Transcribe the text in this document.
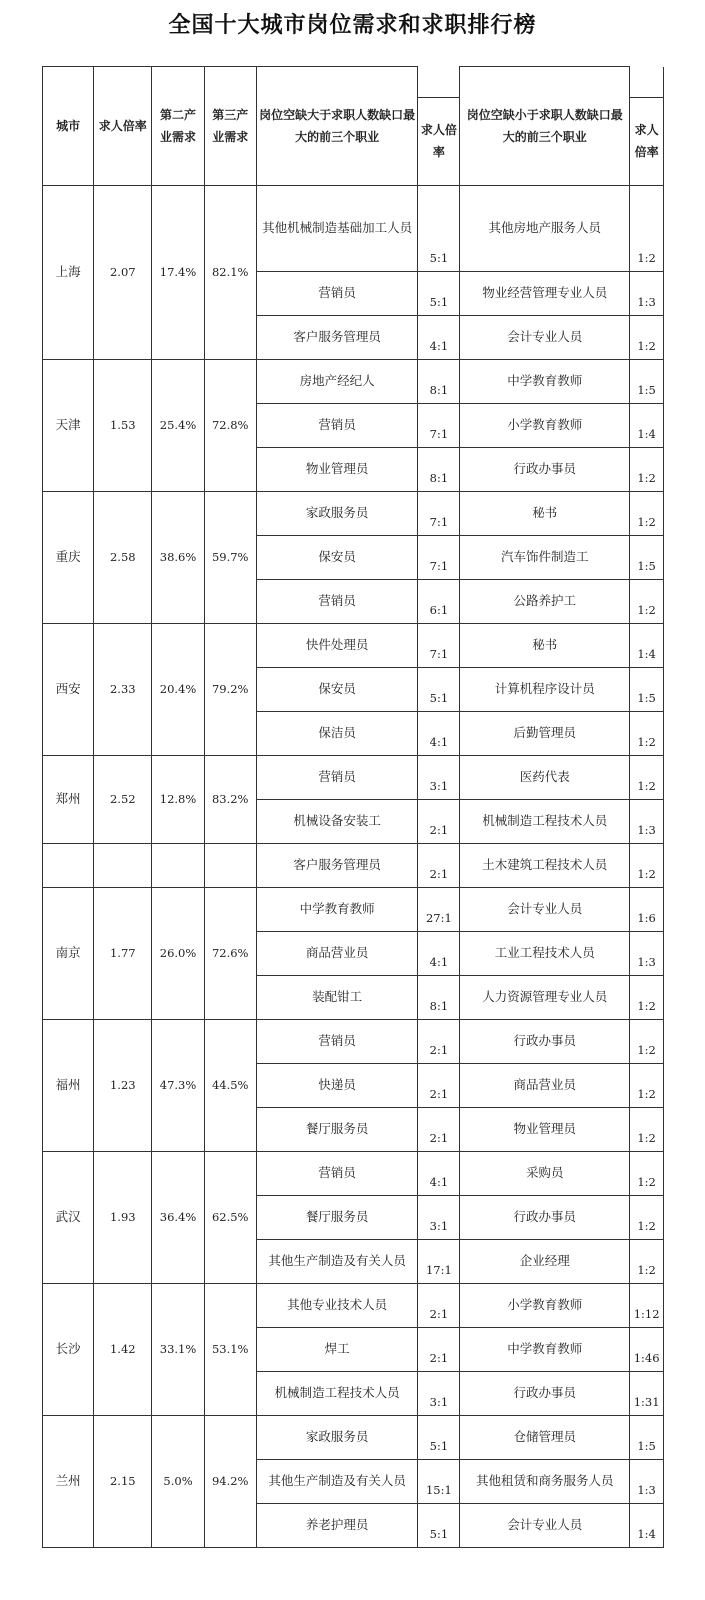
全国十大城市岗位需求和求职排行榜
城市	求人倍率	第二产业需求	第三产业需求	岗位空缺大于求职人数缺口最大的前三个职业		岗位空缺小于求职人数缺口最大的前三个职业	
					求人倍率		求人倍率
上海	2.07	17.4%	82.1%	其他机械制造基础加工人员	5:1	其他房地产服务人员	1:2
				营销员	5:1	物业经营管理专业人员	1:3
				客户服务管理员	4:1	会计专业人员	1:2
天津	1.53	25.4%	72.8%	房地产经纪人	8:1	中学教育教师	1:5
				营销员	7:1	小学教育教师	1:4
				物业管理员	8:1	行政办事员	1:2
重庆	2.58	38.6%	59.7%	家政服务员	7:1	秘书	1:2
				保安员	7:1	汽车饰件制造工	1:5
				营销员	6:1	公路养护工	1:2
西安	2.33	20.4%	79.2%	快件处理员	7:1	秘书	1:4
				保安员	5:1	计算机程序设计员	1:5
				保洁员	4:1	后勤管理员	1:2
郑州	2.52	12.8%	83.2%	营销员	3:1	医药代表	1:2
				机械设备安装工	2:1	机械制造工程技术人员	1:3
				客户服务管理员	2:1	土木建筑工程技术人员	1:2
南京	1.77	26.0%	72.6%	中学教育教师	27:1	会计专业人员	1:6
				商品营业员	4:1	工业工程技术人员	1:3
				装配钳工	8:1	人力资源管理专业人员	1:2
福州	1.23	47.3%	44.5%	营销员	2:1	行政办事员	1:2
				快递员	2:1	商品营业员	1:2
				餐厅服务员	2:1	物业管理员	1:2
武汉	1.93	36.4%	62.5%	营销员	4:1	采购员	1:2
				餐厅服务员	3:1	行政办事员	1:2
				其他生产制造及有关人员	17:1	企业经理	1:2
长沙	1.42	33.1%	53.1%	其他专业技术人员	2:1	小学教育教师	1:12
				焊工	2:1	中学教育教师	1:46
				机械制造工程技术人员	3:1	行政办事员	1:31
兰州	2.15	5.0%	94.2%	家政服务员	5:1	仓储管理员	1:5
				其他生产制造及有关人员	15:1	其他租赁和商务服务人员	1:3
				养老护理员	5:1	会计专业人员	1:4
